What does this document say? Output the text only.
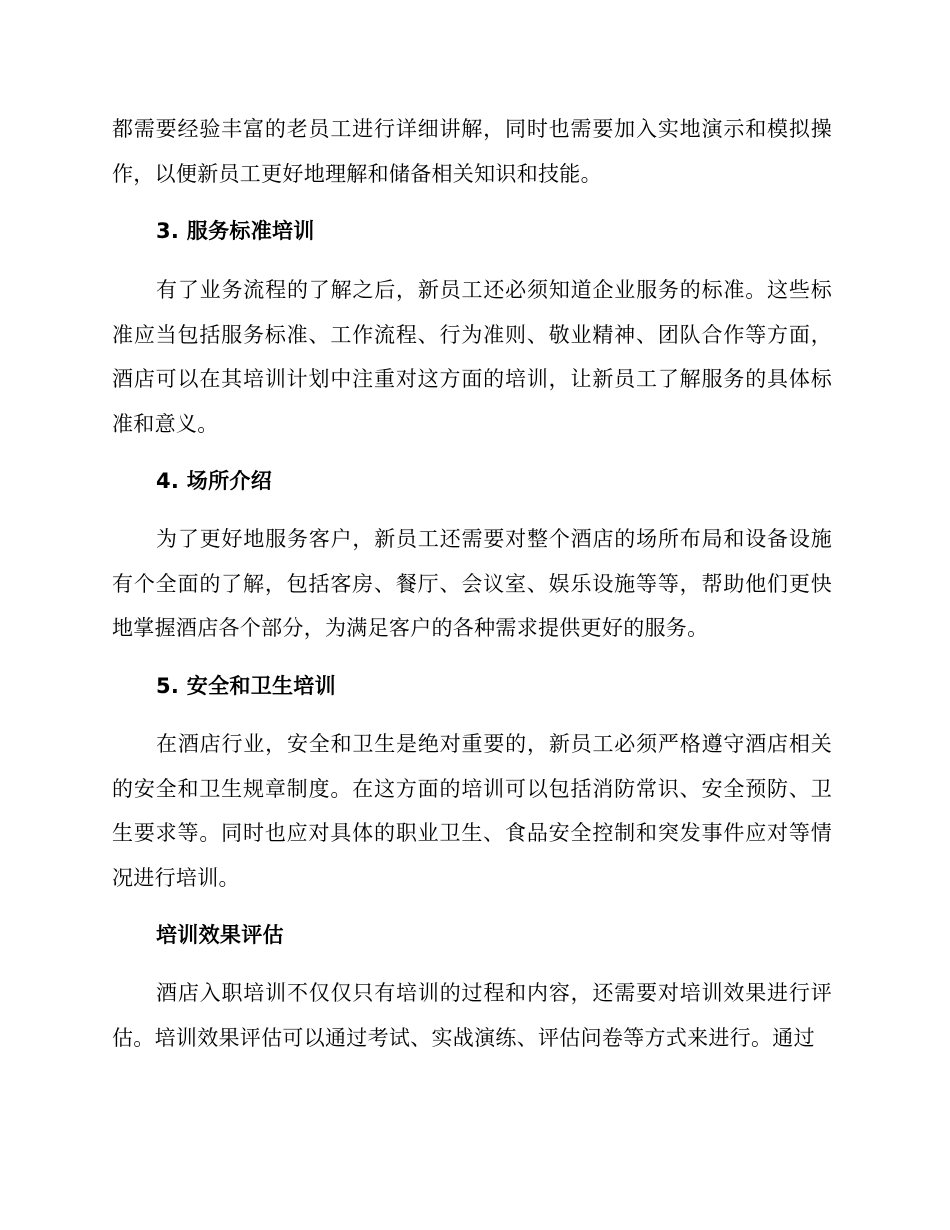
都需要经验丰富的老员工进行详细讲解，同时也需要加入实地演示和模拟操作，以便新员工更好地理解和储备相关知识和技能。

3. 服务标准培训

有了业务流程的了解之后，新员工还必须知道企业服务的标准。这些标准应当包括服务标准、工作流程、行为准则、敬业精神、团队合作等方面，酒店可以在其培训计划中注重对这方面的培训，让新员工了解服务的具体标准和意义。

4. 场所介绍

为了更好地服务客户，新员工还需要对整个酒店的场所布局和设备设施有个全面的了解，包括客房、餐厅、会议室、娱乐设施等等，帮助他们更快地掌握酒店各个部分，为满足客户的各种需求提供更好的服务。

5. 安全和卫生培训

在酒店行业，安全和卫生是绝对重要的，新员工必须严格遵守酒店相关的安全和卫生规章制度。在这方面的培训可以包括消防常识、安全预防、卫生要求等。同时也应对具体的职业卫生、食品安全控制和突发事件应对等情况进行培训。

培训效果评估

酒店入职培训不仅仅只有培训的过程和内容，还需要对培训效果进行评估。培训效果评估可以通过考试、实战演练、评估问卷等方式来进行。通过
